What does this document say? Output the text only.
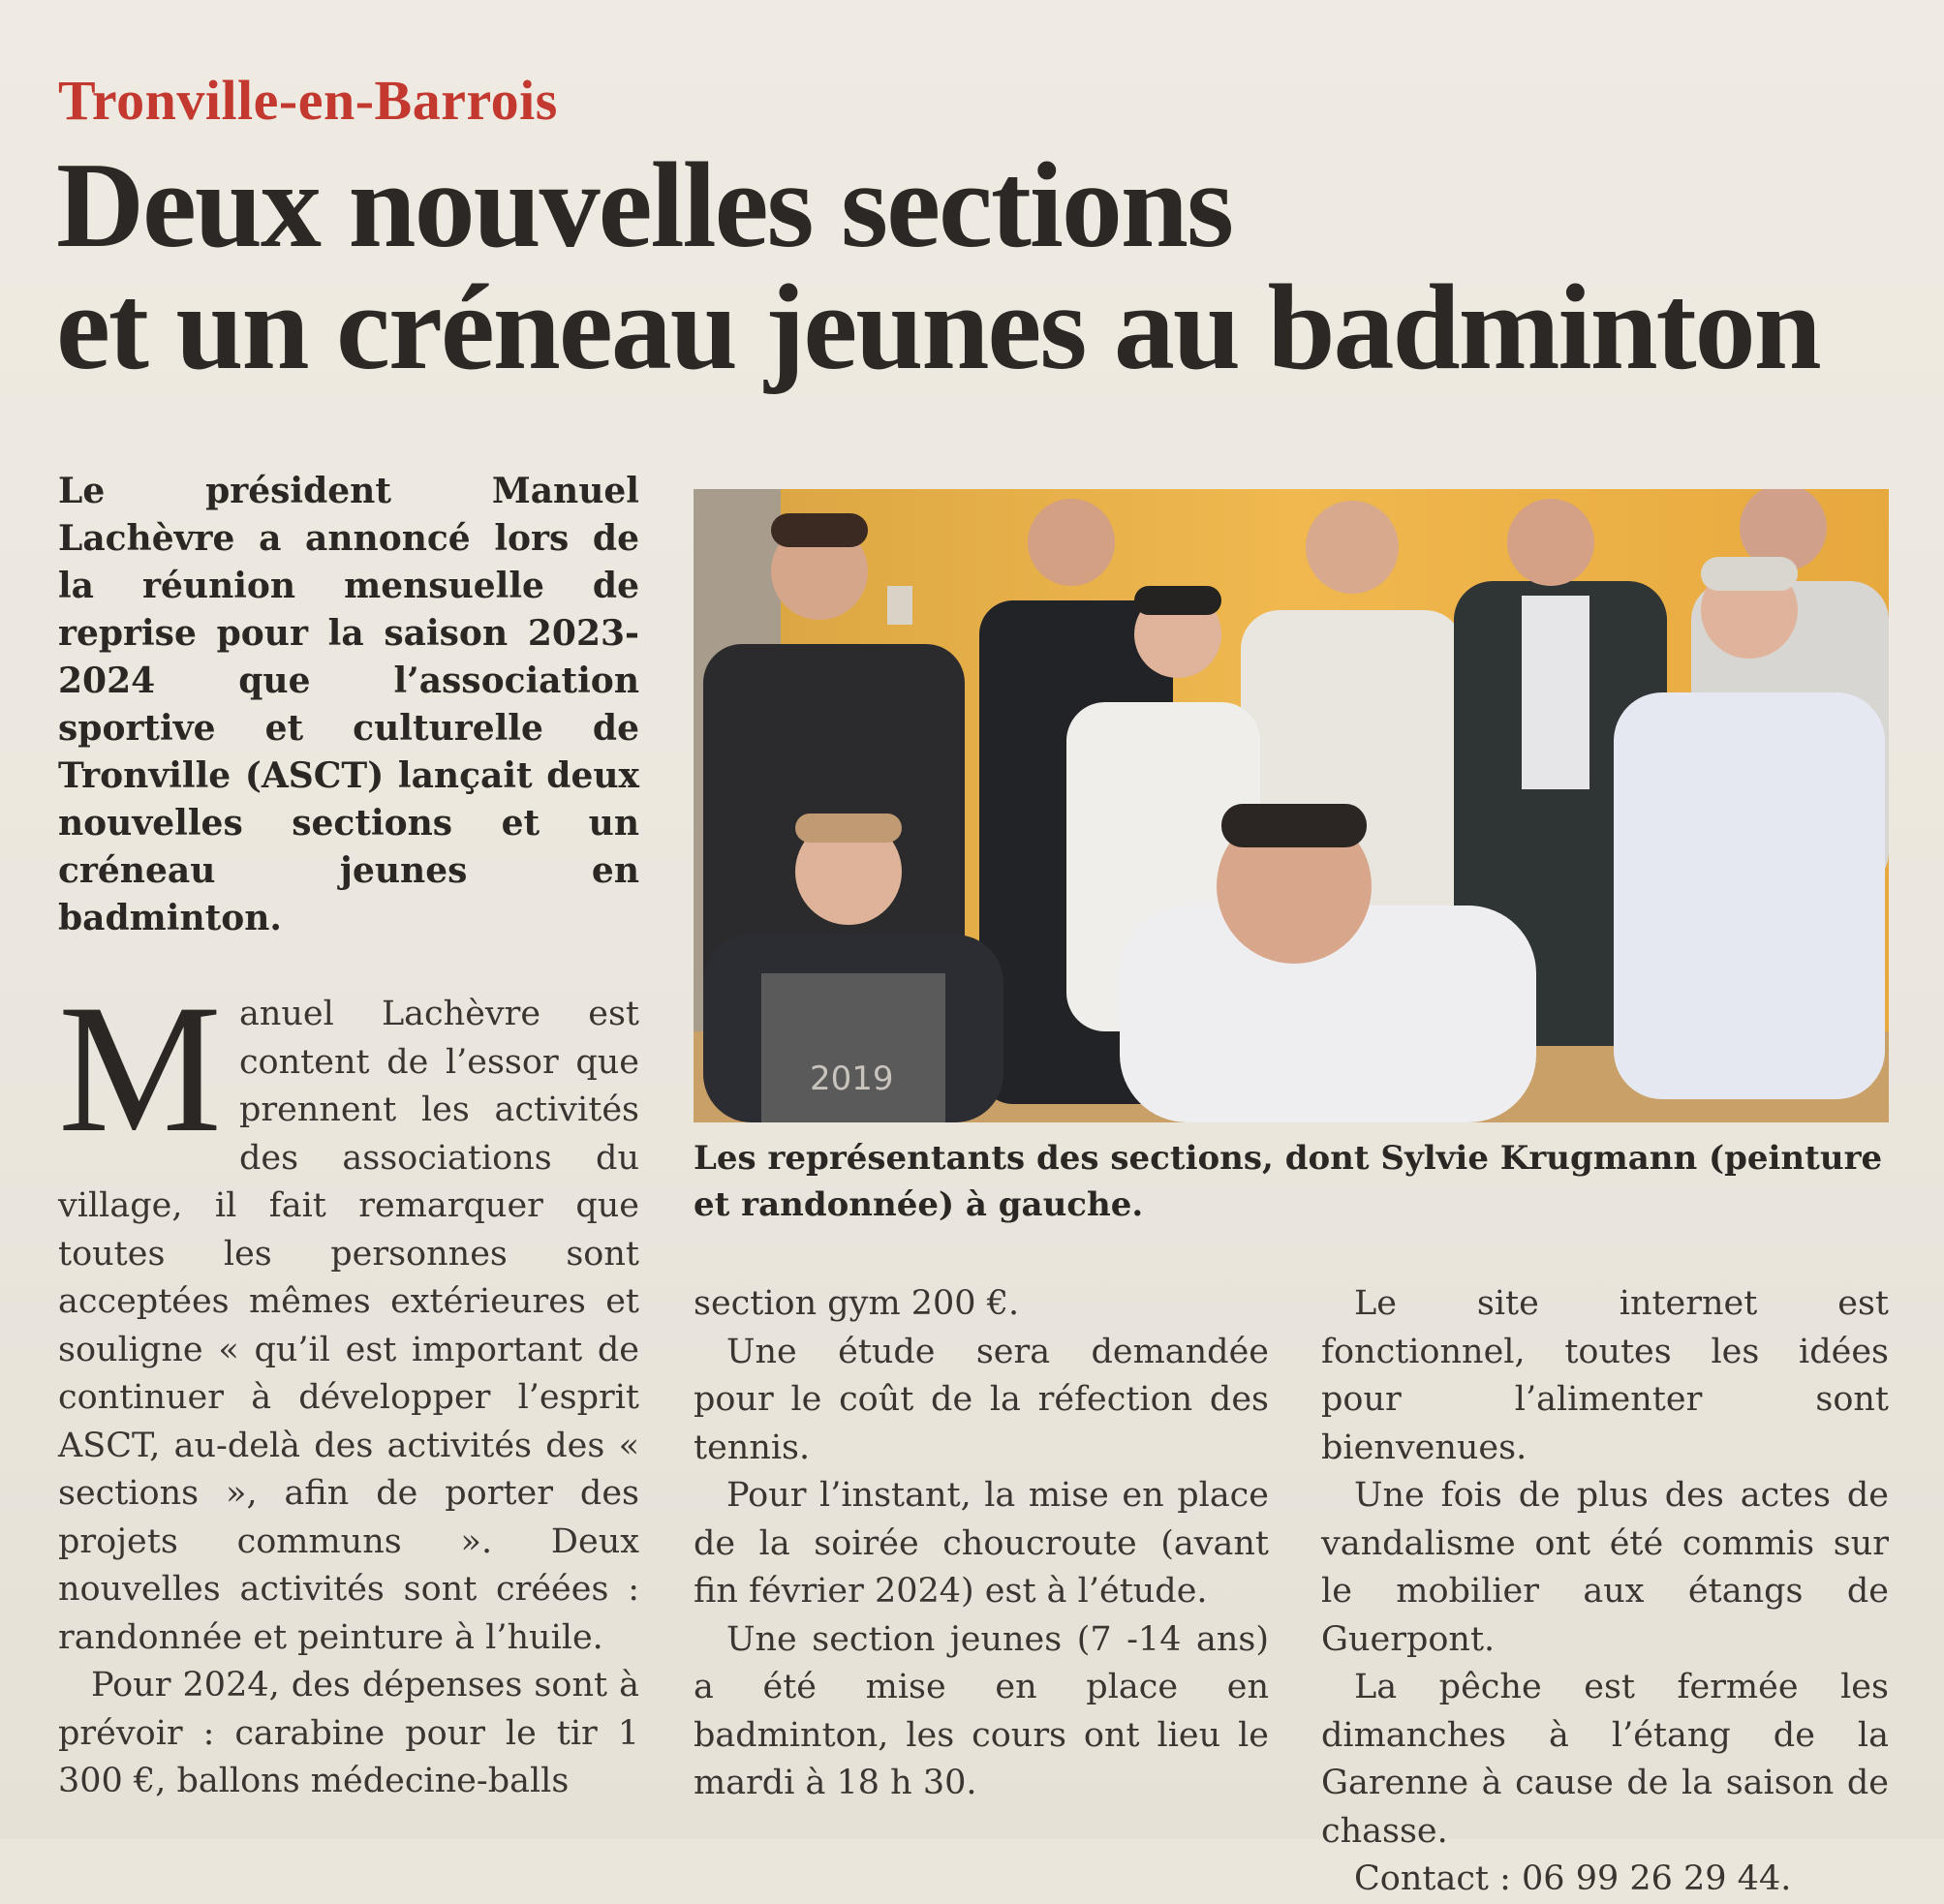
Tronville-en-Barrois
Deux nouvelles sections
et un créneau jeunes au badminton
Le président Manuel Lachèvre a annoncé lors de la réunion mensuelle de reprise pour la saison 2023-2024 que l’association sportive et culturelle de Tronville (ASCT) lançait deux nouvelles sections et un créneau jeunes en badminton.
2019
Les représentants des sections, dont Sylvie Krugmann (peinture et randonnée) à gauche.

Manuel Lachèvre est content de l’essor que prennent les activités des associations du village, il fait remarquer que toutes les personnes sont acceptées mêmes extérieures et souligne « qu’il est important de continuer à développer l’esprit ASCT, au-delà des activités des « sections », afin de porter des projets communs ». Deux nouvelles activités sont créées : randonnée et peinture à l’huile.

Pour 2024, des dépenses sont à prévoir : carabine pour le tir 1 300 €, ballons médecine-balls

section gym 200 €.

Une étude sera demandée pour le coût de la réfection des tennis.

Pour l’instant, la mise en place de la soirée choucroute (avant fin février 2024) est à l’étude.

Une section jeunes (7 -14 ans) a été mise en place en badminton, les cours ont lieu le mardi à 18 h 30.

Le site internet est fonctionnel, toutes les idées pour l’alimenter sont bienvenues.

Une fois de plus des actes de vandalisme ont été commis sur le mobilier aux étangs de Guerpont.

La pêche est fermée les dimanches à l’étang de la Garenne à cause de la saison de chasse.

Contact : 06 99 26 29 44.
